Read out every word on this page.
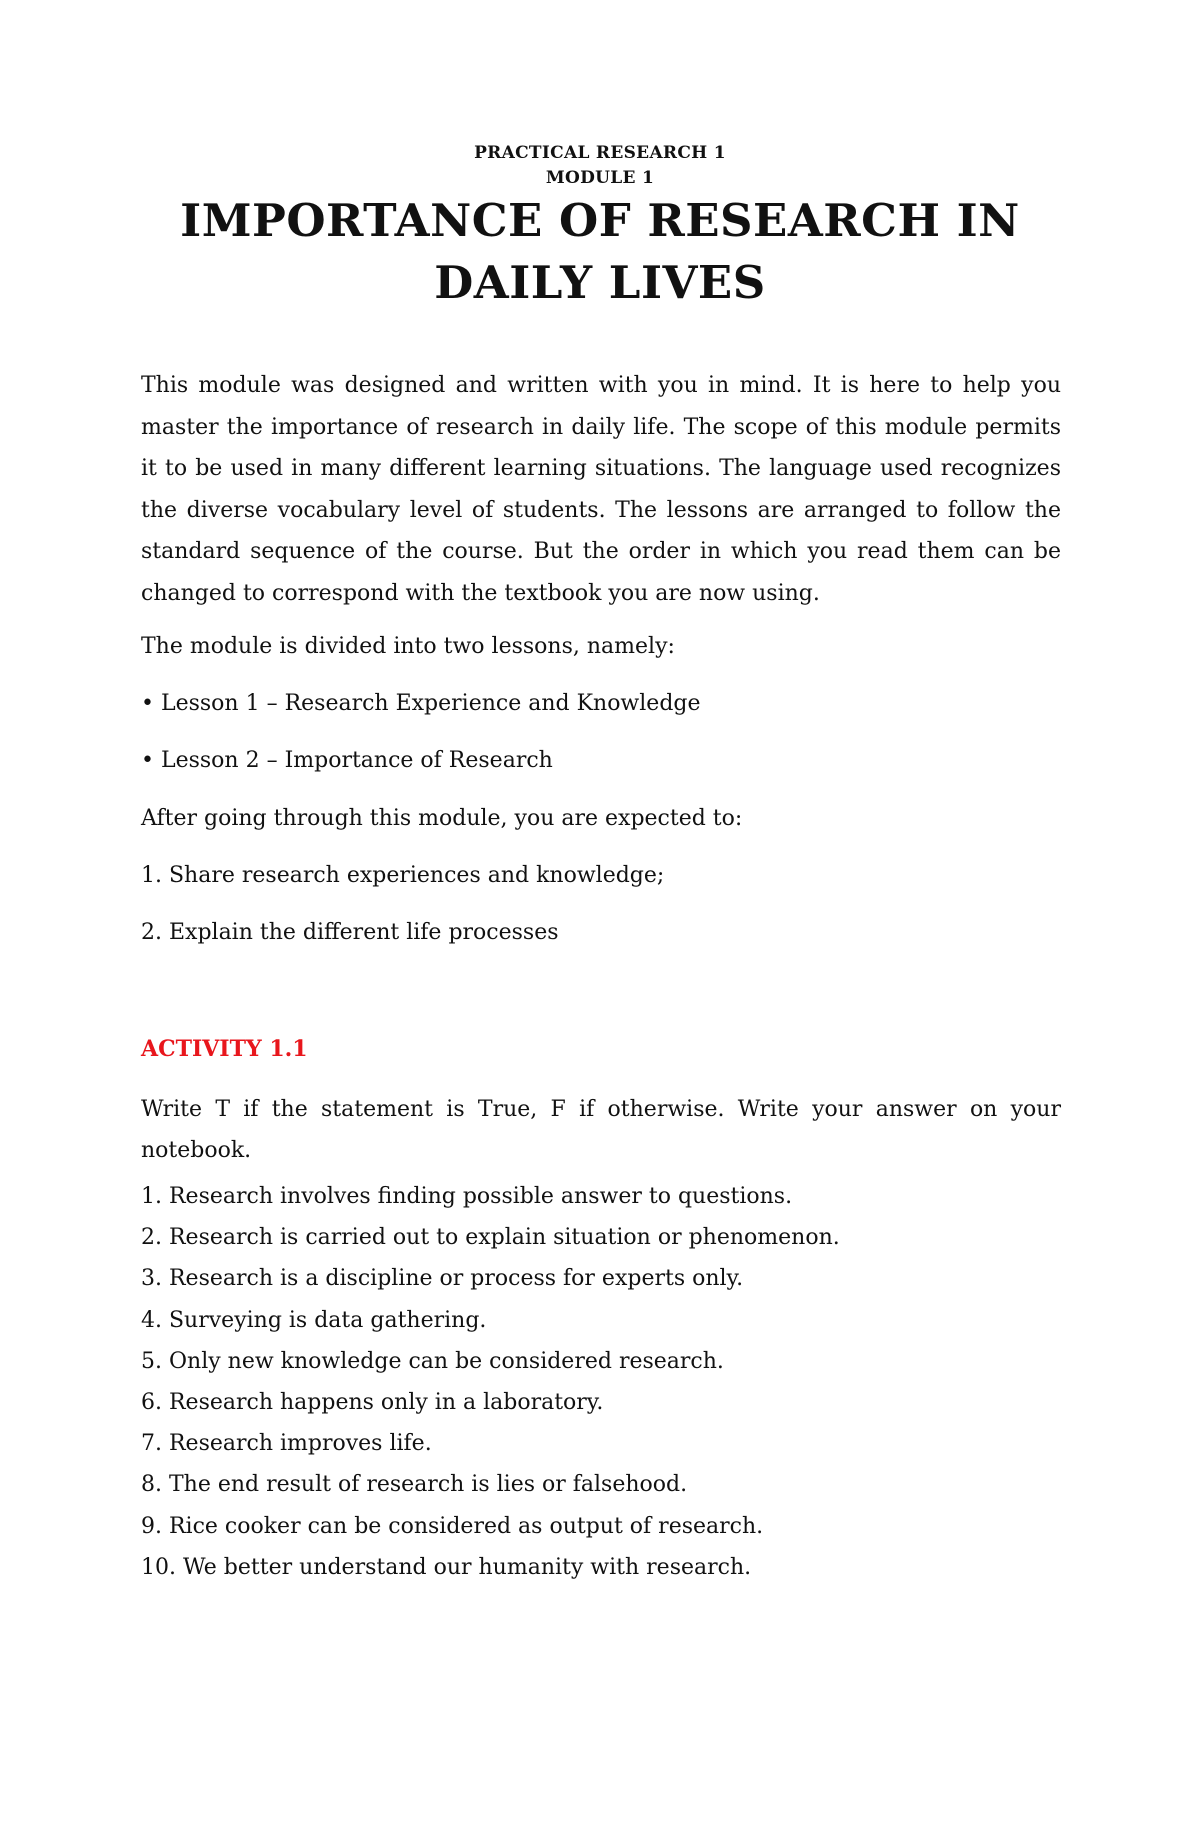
PRACTICAL RESEARCH 1
MODULE 1
IMPORTANCE OF RESEARCH IN
DAILY LIVES

This module was designed and written with you in mind. It is here to help you master the importance of research in daily life. The scope of this module permits it to be used in many different learning situations. The language used recognizes the diverse vocabulary level of students. The lessons are arranged to follow the standard sequence of the course. But the order in which you read them can be changed to correspond with the textbook you are now using.

The module is divided into two lessons, namely:

• Lesson 1 – Research Experience and Knowledge

• Lesson 2 – Importance of Research

After going through this module, you are expected to:

1. Share research experiences and knowledge;

2. Explain the different life processes

ACTIVITY 1.1

Write T if the statement is True, F if otherwise. Write your answer on your notebook.

1. Research involves finding possible answer to questions.
2. Research is carried out to explain situation or phenomenon.
3. Research is a discipline or process for experts only.
4. Surveying is data gathering.
5. Only new knowledge can be considered research.
6. Research happens only in a laboratory.
7. Research improves life.
8. The end result of research is lies or falsehood.
9. Rice cooker can be considered as output of research.
10. We better understand our humanity with research.
